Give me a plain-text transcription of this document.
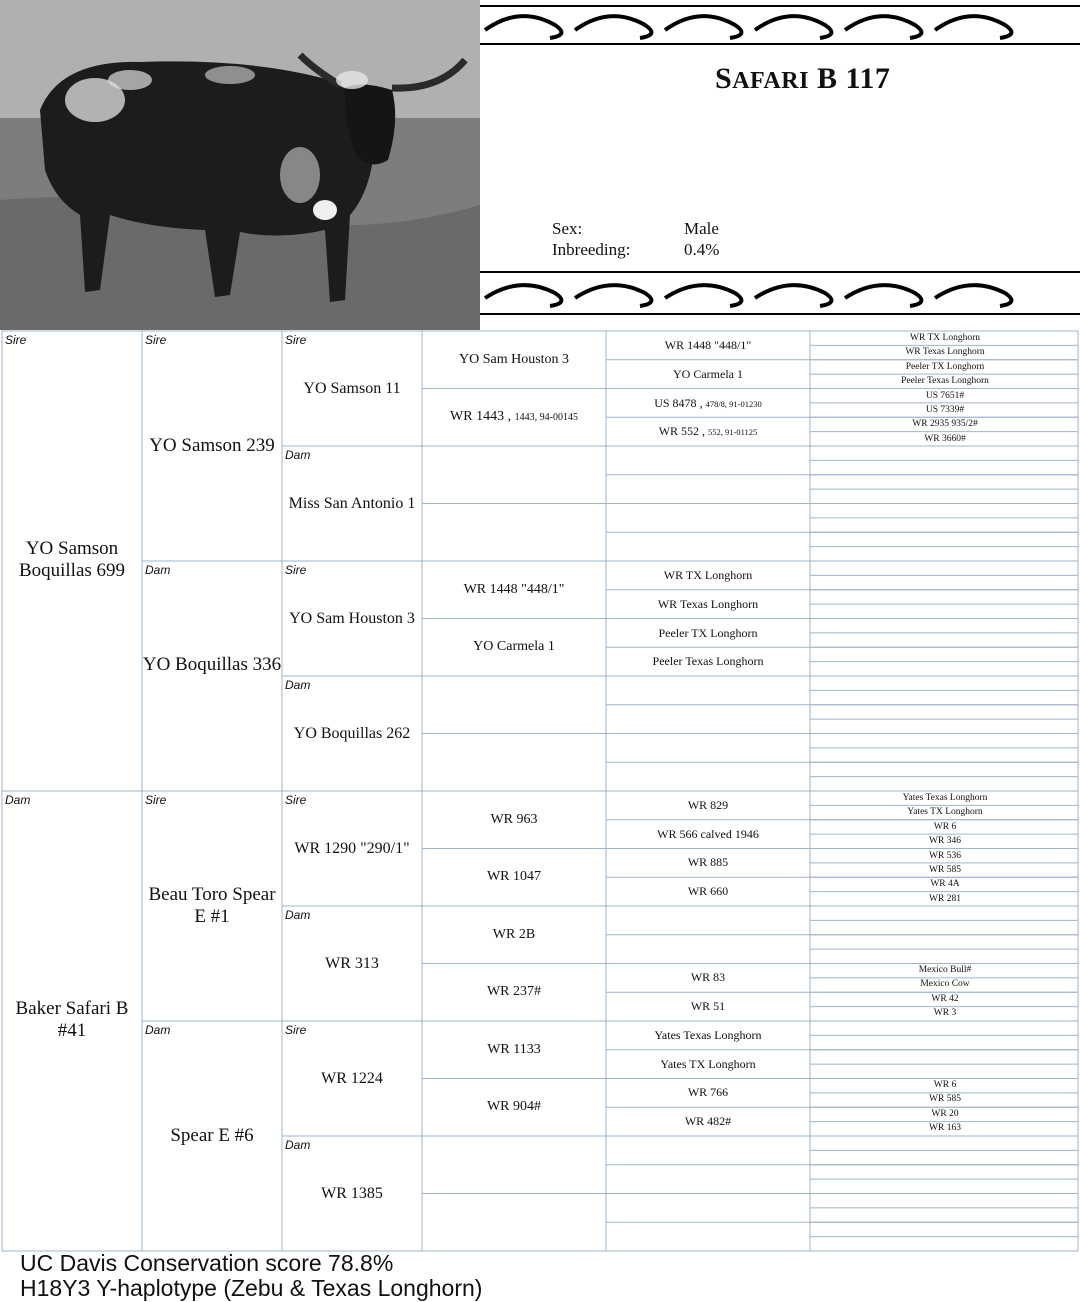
SAFARI B 117
Sex:	Male
Inbreeding:	0.4%
Sire
Dam
Sire
Dam
Sire
Dam
Sire
Dam
Sire
Dam
Sire
Dam
Sire
Dam
YO Samson Boquillas 699
Baker Safari B #41
YO Samson 239
YO Boquillas 336
Beau Toro Spear E #1
Spear E #6
YO Samson 11
Miss San Antonio 1
YO Sam Houston 3
YO Boquillas 262
WR 1290 "290/1"
WR 313
WR 1224
WR 1385
YO Sam Houston 3
WR 1443 , 1443, 94-00145
WR 1448 "448/1"
YO Carmela 1
WR 963
WR 1047
WR 2B
WR 237#
WR 1133
WR 904#
WR 1448 "448/1"
YO Carmela 1
US 8478 , 478/8, 91-01230
WR 552 , 552, 91-01125
WR TX Longhorn
WR Texas Longhorn
Peeler TX Longhorn
Peeler Texas Longhorn
WR 829
WR 566 calved 1946
WR 885
WR 660
WR 83
WR 51
Yates Texas Longhorn
Yates TX Longhorn
WR 766
WR 482#
WR TX Longhorn
WR Texas Longhorn
Peeler TX Longhorn
Peeler Texas Longhorn
US 7651#
US 7339#
WR 2935 935/2#
WR 3660#
Yates Texas Longhorn
Yates TX Longhorn
WR 6
WR 346
WR 536
WR 585
WR 4A
WR 281
Mexico Bull#
Mexico Cow
WR 42
WR 3
WR 6
WR 585
WR 20
WR 163
UC Davis Conservation score 78.8%
H18Y3 Y-haplotype (Zebu & Texas Longhorn)
